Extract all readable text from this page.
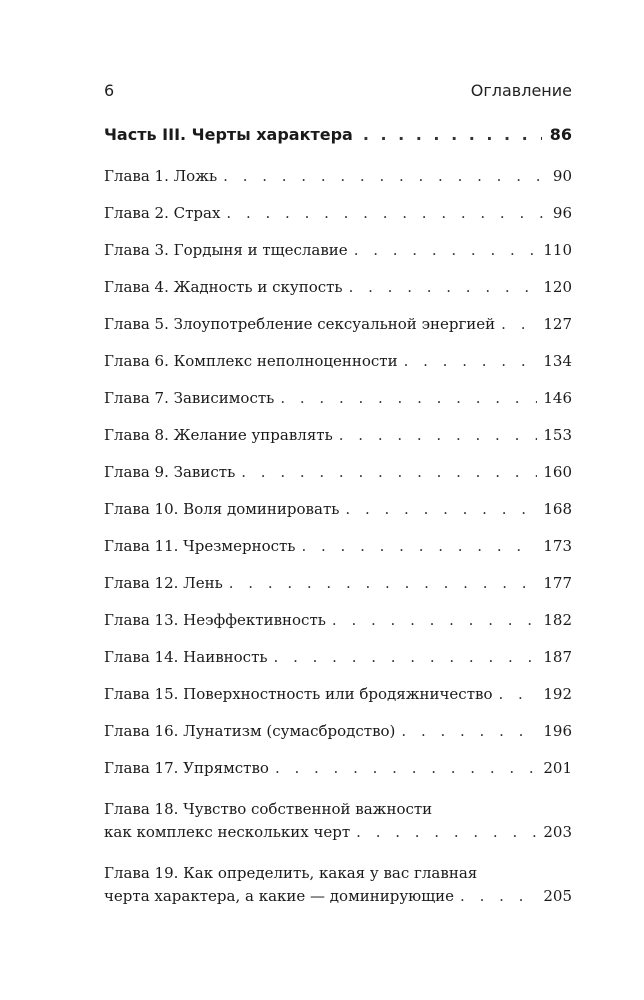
6	Оглавление
Часть III. Черты характера . . .	86
Глава 1. Ложь . . .	90
Глава 2. Страх . . .	96
Глава 3. Гордыня и тщеславие . . .	110
Глава 4. Жадность и скупость . . .	120
Глава 5. Злоупотребление сексуальной энергией . . .	127
Глава 6. Комплекс неполноценности . . .	134
Глава 7. Зависимость . . .	146
Глава 8. Желание управлять . . .	153
Глава 9. Зависть . . .	160
Глава 10. Воля доминировать . . .	168
Глава 11. Чрезмерность . . .	173
Глава 12. Лень . . .	177
Глава 13. Неэффективность . . .	182
Глава 14. Наивность . . .	187
Глава 15. Поверхностность или бродяжничество . . .	192
Глава 16. Лунатизм (сумасбродство) . . .	196
Глава 17. Упрямство . . .	201
Глава 18. Чувство собственной важности
как комплекс нескольких черт . . .	203
Глава 19. Как определить, какая у вас главная
черта характера, а какие — доминирующие . . .	205
